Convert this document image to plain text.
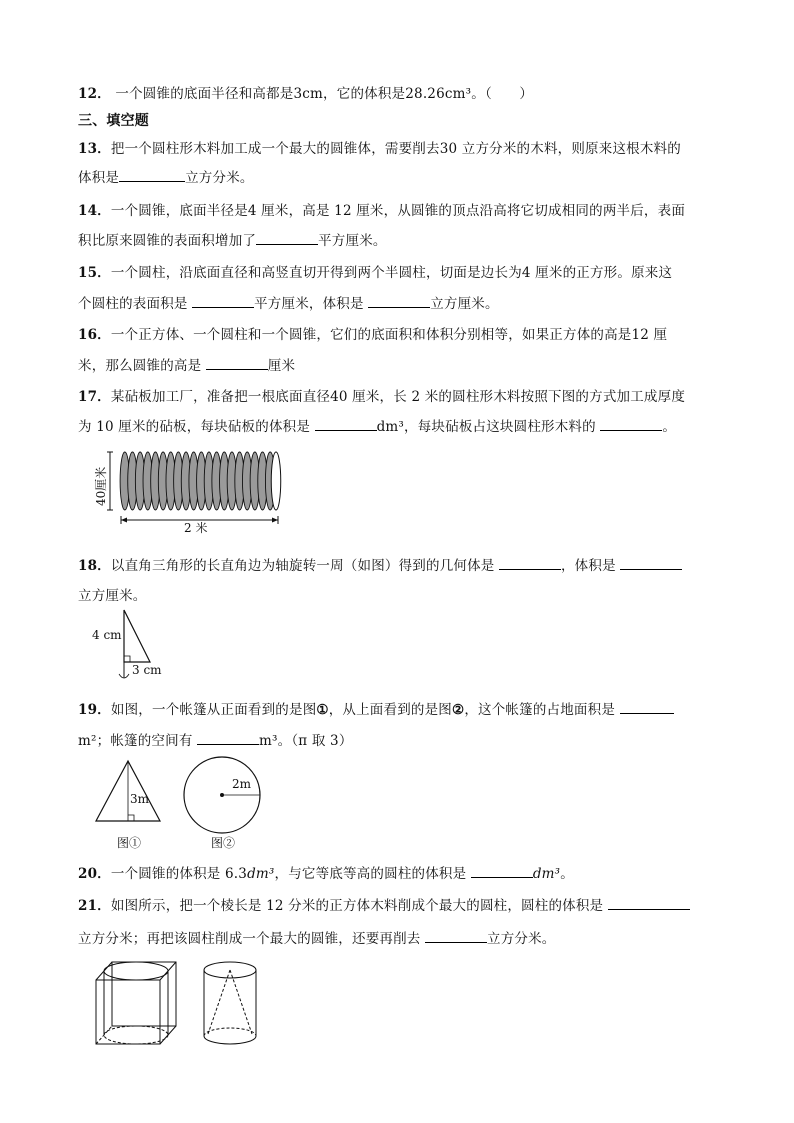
12． 一个圆锥的底面半径和高都是3cm，它的体积是28.26cm³。（　　）
三、填空题
13．把一个圆柱形木料加工成一个最大的圆锥体，需要削去30 立方分米的木料，则原来这根木料的
体积是	立方分米。
14．一个圆锥，底面半径是4 厘米，高是 12 厘米，从圆锥的顶点沿高将它切成相同的两半后，表面
积比原来圆锥的表面积增加了	平方厘米。
15．一个圆柱，沿底面直径和高竖直切开得到两个半圆柱，切面是边长为4 厘米的正方形。原来这
个圆柱的表面积是	平方厘米，体积是	立方厘米。
16．一个正方体、一个圆柱和一个圆锥，它们的底面积和体积分别相等，如果正方体的高是12 厘
米，那么圆锥的高是	厘米
17．某砧板加工厂，准备把一根底面直径40 厘米，长 2 米的圆柱形木料按照下图的方式加工成厚度
为 10 厘米的砧板，每块砧板的体积是	dm³，每块砧板占这块圆柱形木料的	。
40厘米
2 米
18．以直角三角形的长直角边为轴旋转一周（如图）得到的几何体是	，体积是
立方厘米。
4 cm
3 cm
19．如图，一个帐篷从正面看到的是图①，从上面看到的是图②，这个帐篷的占地面积是
m²；帐篷的空间有	m³。（π 取 3）
3m
图①
2m
图②
20．一个圆锥的体积是 6.3dm³，与它等底等高的圆柱的体积是	dm³。
21．如图所示，把一个棱长是 12 分米的正方体木料削成个最大的圆柱，圆柱的体积是
立方分米；再把该圆柱削成一个最大的圆锥，还要再削去	立方分米。
